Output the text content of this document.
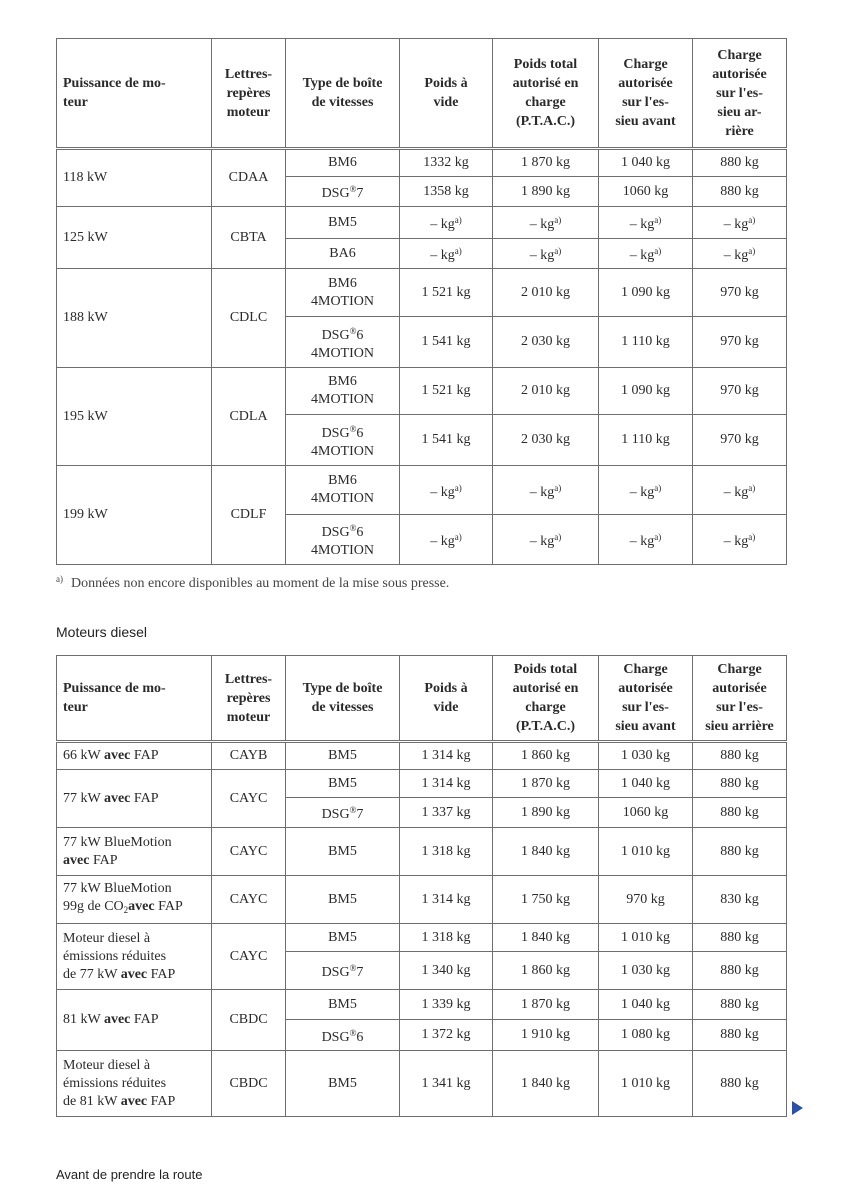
Puissance de mo-
teur	Lettres-
repères
moteur	Type de boîte
de vitesses	Poids à
vide	Poids total
autorisé en
charge
(P.T.A.C.)	Charge
autorisée
sur l'es-
sieu avant	Charge
autorisée
sur l'es-
sieu ar-
rière
118 kW	CDAA	BM6	1332 kg	1 870 kg	1 040 kg	880 kg
		DSG®7	1358 kg	1 890 kg	1060 kg	880 kg
125 kW	CBTA	BM5	– $kg^{a)}$	– $kg^{a)}$	– $kg^{a)}$	– $kg^{a)}$
		BA6	– $kg^{a)}$	– $kg^{a)}$	– $kg^{a)}$	– $kg^{a)}$
188 kW	CDLC	BM6
4MOTION	1 521 kg	2 010 kg	1 090 kg	970 kg
		DSG®6
4MOTION	1 541 kg	2 030 kg	1 110 kg	970 kg
195 kW	CDLA	BM6
4MOTION	1 521 kg	2 010 kg	1 090 kg	970 kg
		DSG®6
4MOTION	1 541 kg	2 030 kg	1 110 kg	970 kg
199 kW	CDLF	BM6
4MOTION	– $kg^{a)}$	– $kg^{a)}$	– $kg^{a)}$	– $kg^{a)}$
		DSG®6
4MOTION	– $kg^{a)}$	– $kg^{a)}$	– $kg^{a)}$	– $kg^{a)}$
$^{a)}$ Données non encore disponibles au moment de la mise sous presse.
Moteurs diesel
Puissance de mo-
teur	Lettres-
repères
moteur	Type de boîte
de vitesses	Poids à
vide	Poids total
autorisé en
charge
(P.T.A.C.)	Charge
autorisée
sur l'es-
sieu avant	Charge
autorisée
sur l'es-
sieu arrière
66 kW avec FAP	CAYB	BM5	1 314 kg	1 860 kg	1 030 kg	880 kg
77 kW avec FAP	CAYC	BM5	1 314 kg	1 870 kg	1 040 kg	880 kg
		DSG®7	1 337 kg	1 890 kg	1060 kg	880 kg
77 kW BlueMotion
avec FAP	CAYC	BM5	1 318 kg	1 840 kg	1 010 kg	880 kg
77 kW BlueMotion
99g de $CO_2avec$ FAP	CAYC	BM5	1 314 kg	1 750 kg	970 kg	830 kg
Moteur diesel à
émissions réduites
de 77 kW avec FAP	CAYC	BM5	1 318 kg	1 840 kg	1 010 kg	880 kg
		DSG®7	1 340 kg	1 860 kg	1 030 kg	880 kg
81 kW avec FAP	CBDC	BM5	1 339 kg	1 870 kg	1 040 kg	880 kg
		DSG®6	1 372 kg	1 910 kg	1 080 kg	880 kg
Moteur diesel à
émissions réduites
de 81 kW avec FAP	CBDC	BM5	1 341 kg	1 840 kg	1 010 kg	880 kg
Avant de prendre la route
